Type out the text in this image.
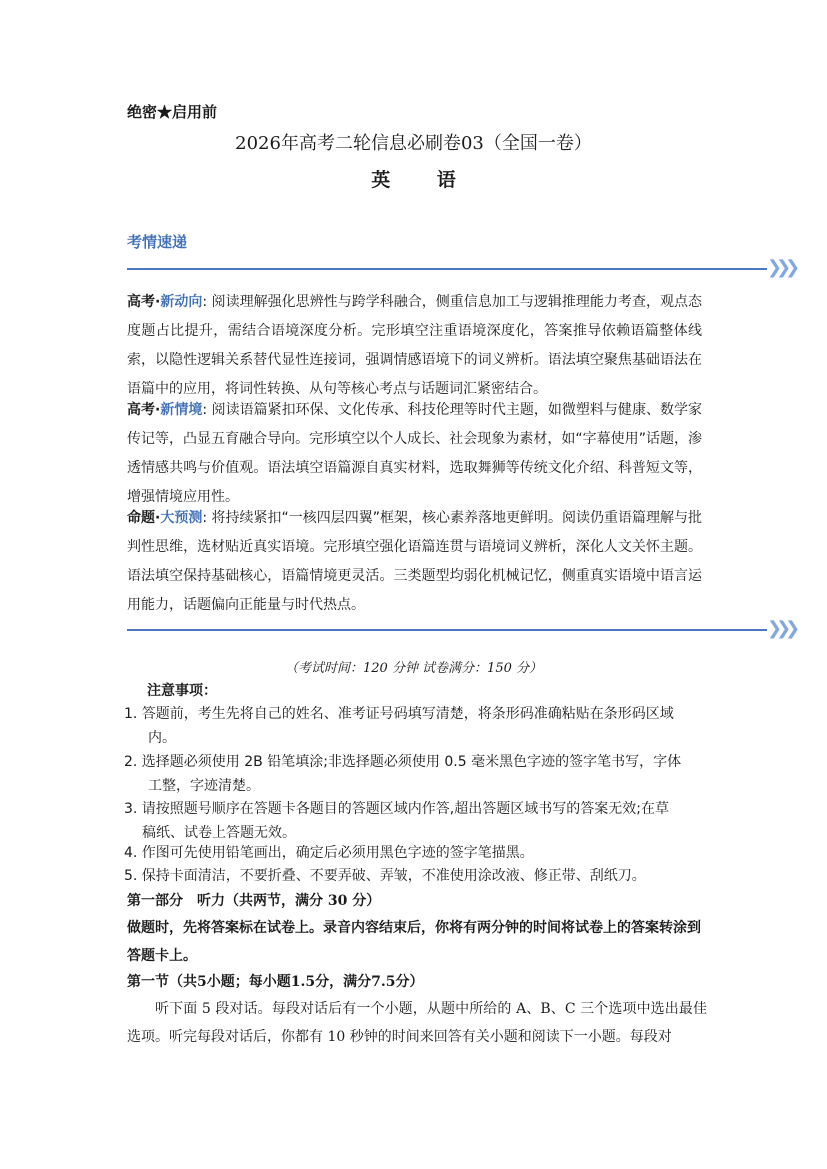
绝密★启用前
2026年高考二轮信息必刷卷03（全国一卷）
英 语
考情速递
❯❯❯
高考·新动向: 阅读理解强化思辨性与跨学科融合，侧重信息加工与逻辑推理能力考查，观点态度题占比提升，需结合语境深度分析。完形填空注重语境深度化，答案推导依赖语篇整体线索，以隐性逻辑关系替代显性连接词，强调情感语境下的词义辨析。语法填空聚焦基础语法在语篇中的应用，将词性转换、从句等核心考点与话题词汇紧密结合。
高考·新情境: 阅读语篇紧扣环保、文化传承、科技伦理等时代主题，如微塑料与健康、数学家传记等，凸显五育融合导向。完形填空以个人成长、社会现象为素材，如“字幕使用”话题，渗透情感共鸣与价值观。语法填空语篇源自真实材料，选取舞狮等传统文化介绍、科普短文等，增强情境应用性。
命题·大预测: 将持续紧扣“一核四层四翼”框架，核心素养落地更鲜明。阅读仍重语篇理解与批判性思维，选材贴近真实语境。完形填空强化语篇连贯与语境词义辨析，深化人文关怀主题。语法填空保持基础核心，语篇情境更灵活。三类题型均弱化机械记忆，侧重真实语境中语言运用能力，话题偏向正能量与时代热点。
❯❯❯
（考试时间：120 分钟 试卷满分：150 分）
注意事项：
1. 答题前，考生先将自己的姓名、准考证号码填写清楚，将条形码准确粘贴在条形码区域
内。
2. 选择题必须使用 2B 铅笔填涂;非选择题必须使用 0.5 毫米黑色字迹的签字笔书写，字体
工整，字迹清楚。
3. 请按照题号顺序在答题卡各题目的答题区域内作答,超出答题区域书写的答案无效;在草
稿纸、试卷上答题无效。
4. 作图可先使用铅笔画出，确定后必须用黑色字迹的签字笔描黑。
5. 保持卡面清洁，不要折叠、不要弄破、弄皱，不准使用涂改液、修正带、刮纸刀。
第一部分　听力（共两节，满分 30 分）
做题时，先将答案标在试卷上。录音内容结束后，你将有两分钟的时间将试卷上的答案转涂到答题卡上。
第一节（共5小题；每小题1.5分，满分7.5分）
听下面 5 段对话。每段对话后有一个小题，从题中所给的 A、B、C 三个选项中选出最佳选项。听完每段对话后，你都有 10 秒钟的时间来回答有关小题和阅读下一小题。每段对
